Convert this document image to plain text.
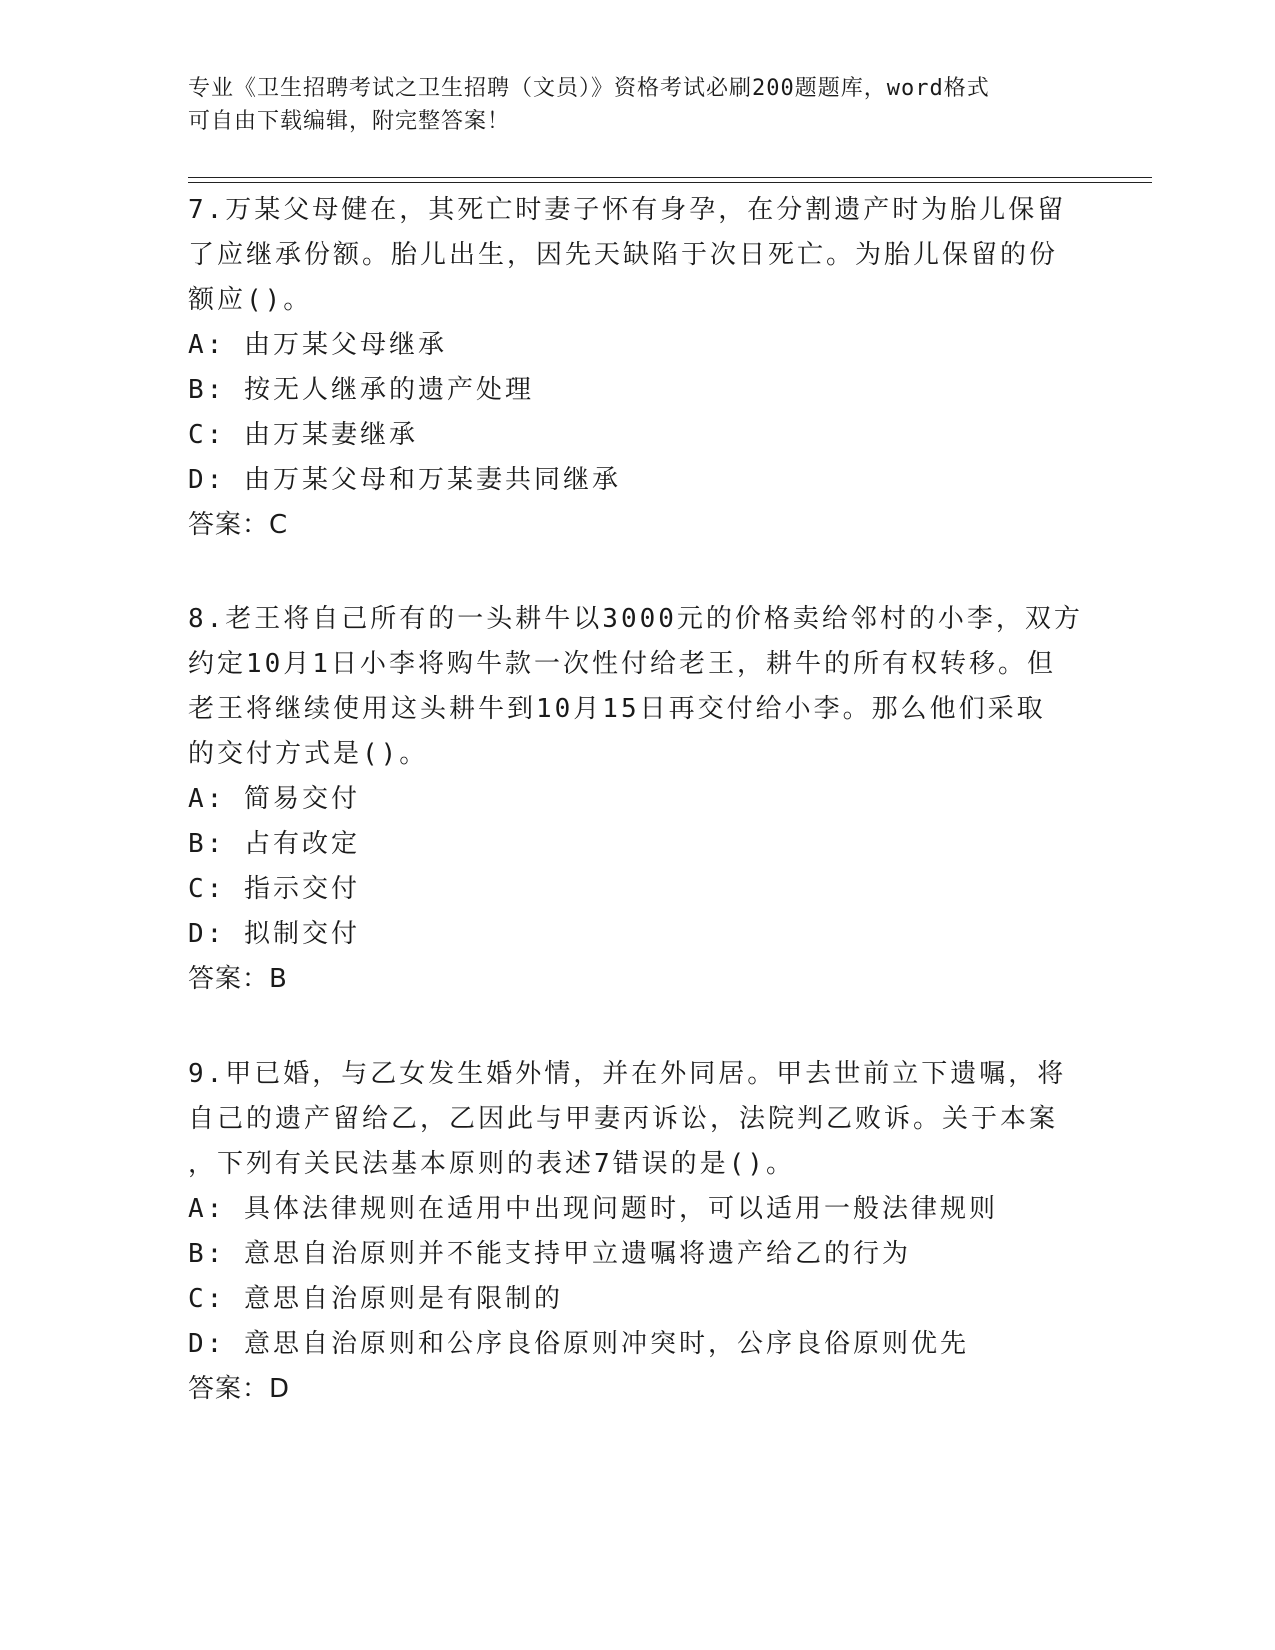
专业《卫生招聘考试之卫生招聘（文员）》资格考试必刷200题题库，word格式
可自由下载编辑，附完整答案！

7.万某父母健在，其死亡时妻子怀有身孕，在分割遗产时为胎儿保留

了应继承份额。胎儿出生，因先天缺陷于次日死亡。为胎儿保留的份

额应()。

A: 由万某父母继承

B: 按无人继承的遗产处理

C: 由万某妻继承

D: 由万某父母和万某妻共同继承

答案：C

8.老王将自己所有的一头耕牛以3000元的价格卖给邻村的小李，双方

约定10月1日小李将购牛款一次性付给老王，耕牛的所有权转移。但

老王将继续使用这头耕牛到10月15日再交付给小李。那么他们采取

的交付方式是()。

A: 简易交付

B: 占有改定

C: 指示交付

D: 拟制交付

答案：B

9.甲已婚，与乙女发生婚外情，并在外同居。甲去世前立下遗嘱，将

自己的遗产留给乙，乙因此与甲妻丙诉讼，法院判乙败诉。关于本案

，下列有关民法基本原则的表述7错误的是()。

A: 具体法律规则在适用中出现问题时，可以适用一般法律规则

B: 意思自治原则并不能支持甲立遗嘱将遗产给乙的行为

C: 意思自治原则是有限制的

D: 意思自治原则和公序良俗原则冲突时，公序良俗原则优先

答案：D
